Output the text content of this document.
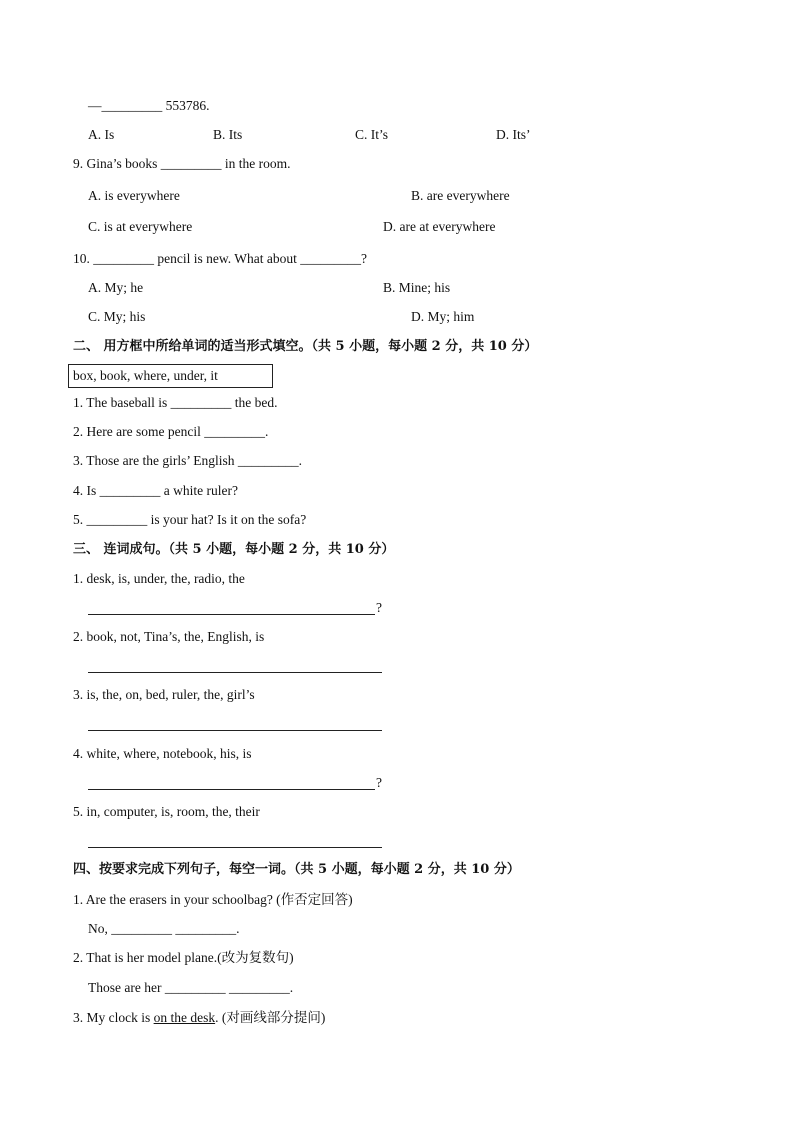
—_________ 553786.
A. Is	B. Its	C. It’s	D. Its’
9. Gina’s books _________ in the room.
A. is everywhere	B. are everywhere
C. is at everywhere	D. are at everywhere
10. _________ pencil is new. What about _________?
A. My; he	B. Mine; his
C. My; his	D. My; him
二、 用方框中所给单词的适当形式填空。（共 5 小题，每小题 2 分，共 10 分）
box, book, where, under, it
1. The baseball is _________ the bed.
2. Here are some pencil _________.
3. Those are the girls’ English _________.
4. Is _________ a white ruler?
5. _________ is your hat? Is it on the sofa?
三、 连词成句。（共 5 小题，每小题 2 分，共 10 分）
1. desk, is, under, the, radio, the
?
2. book, not, Tina’s, the, English, is
3. is, the, on, bed, ruler, the, girl’s
4. white, where, notebook, his, is
?
5. in, computer, is, room, the, their
四、按要求完成下列句子，每空一词。（共 5 小题，每小题 2 分，共 10 分）
1. Are the erasers in your schoolbag? (作否定回答)
No, _________ _________.
2. That is her model plane.(改为复数句)
Those are her _________ _________.
3. My clock is on the desk. (对画线部分提问)
